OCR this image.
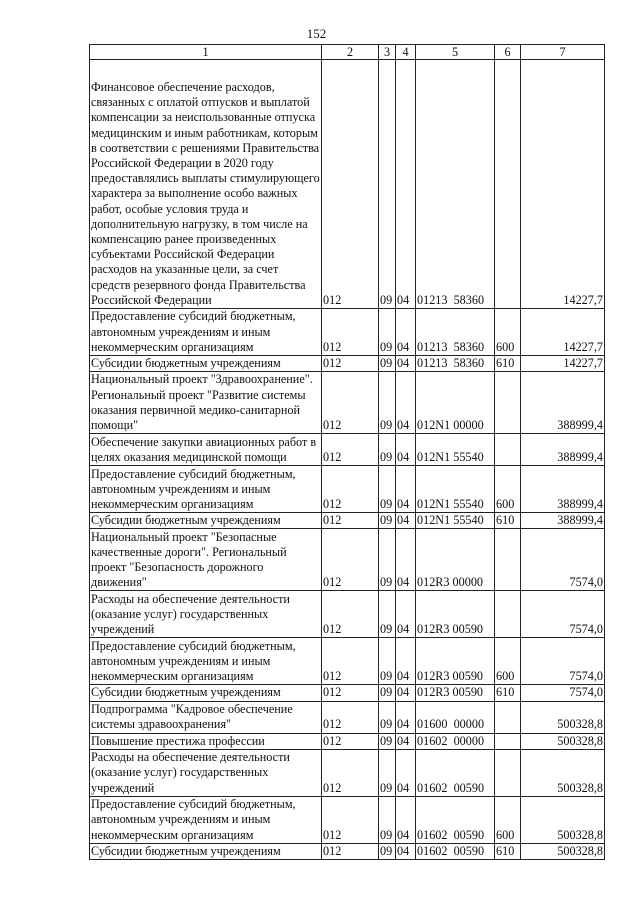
152
1	2	3	4	5	6	7
Финансовое обеспечение расходов, связанных с оплатой отпусков и выплатой компенсации за неиспользованные отпуска медицинским и иным работникам, которым в соответствии с решениями Правительства Российской Федерации в 2020 году предоставлялись выплаты стимулирующего характера за выполнение особо важных работ, особые условия труда и дополнительную нагрузку, в том числе на компенсацию ранее произведенных субъектами Российской Федерации расходов на указанные цели, за счет средств резервного фонда Правительства Российской Федерации	012	09	04	01213  58360		14227,7
Предоставление субсидий бюджетным, автономным учреждениям и иным некоммерческим организациям	012	09	04	01213  58360	600	14227,7
Субсидии бюджетным учреждениям	012	09	04	01213  58360	610	14227,7
Национальный проект "Здравоохранение". Региональный проект "Развитие системы оказания первичной медико-санитарной помощи"	012	09	04	012N1 00000		388999,4
Обеспечение закупки авиационных работ в целях оказания медицинской помощи	012	09	04	012N1 55540		388999,4
Предоставление субсидий бюджетным, автономным учреждениям и иным некоммерческим организациям	012	09	04	012N1 55540	600	388999,4
Субсидии бюджетным учреждениям	012	09	04	012N1 55540	610	388999,4
Национальный проект "Безопасные качественные дороги". Региональный проект "Безопасность дорожного движения"	012	09	04	012R3 00000		7574,0
Расходы на обеспечение деятельности (оказание услуг) государственных учреждений	012	09	04	012R3 00590		7574,0
Предоставление субсидий бюджетным, автономным учреждениям и иным некоммерческим организациям	012	09	04	012R3 00590	600	7574,0
Субсидии бюджетным учреждениям	012	09	04	012R3 00590	610	7574,0
Подпрограмма "Кадровое обеспечение системы здравоохранения"	012	09	04	01600  00000		500328,8
Повышение престижа профессии	012	09	04	01602  00000		500328,8
Расходы на обеспечение деятельности (оказание услуг) государственных учреждений	012	09	04	01602  00590		500328,8
Предоставление субсидий бюджетным, автономным учреждениям и иным некоммерческим организациям	012	09	04	01602  00590	600	500328,8
Субсидии бюджетным учреждениям	012	09	04	01602  00590	610	500328,8
